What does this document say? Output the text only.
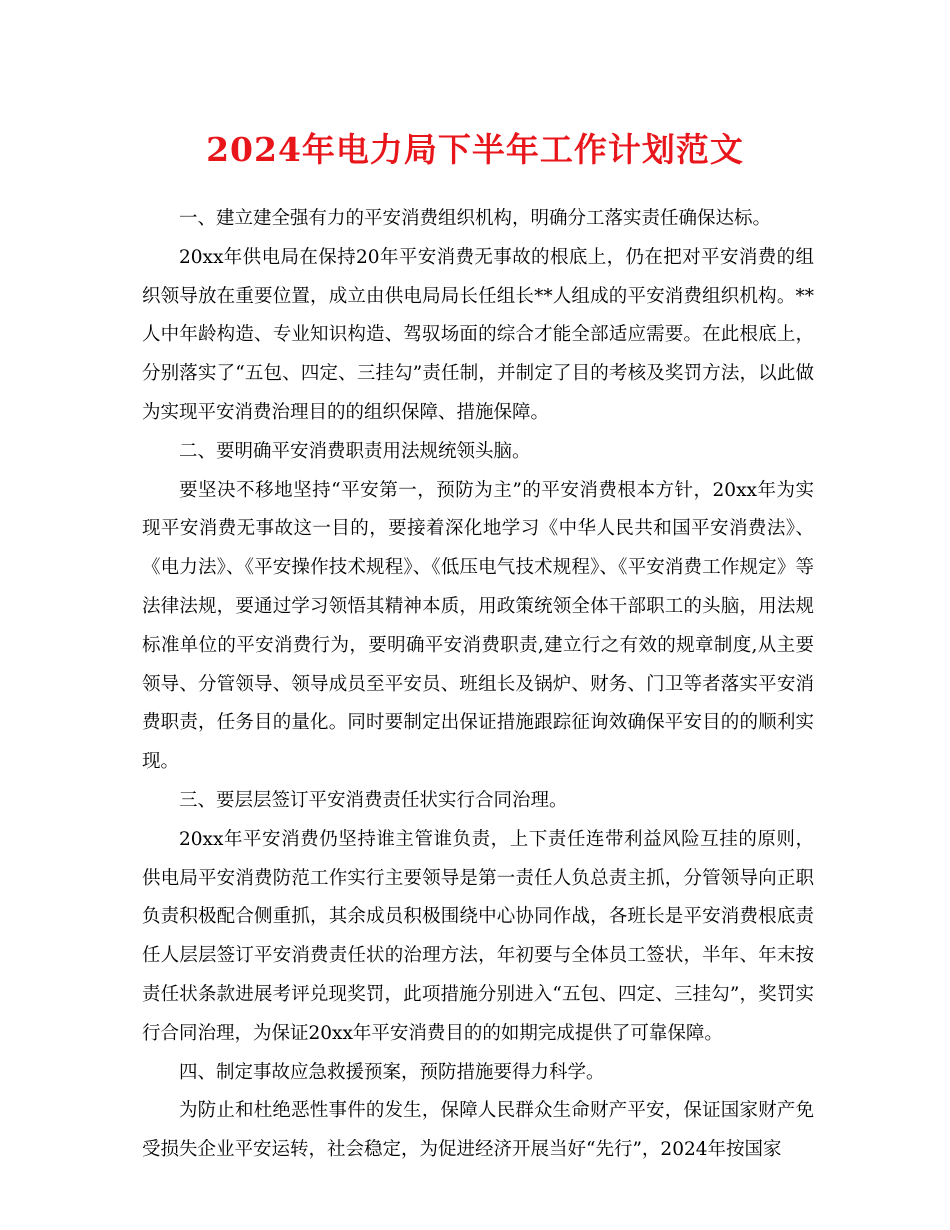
2024年电力局下半年工作计划范文

一、建立建全强有力的平安消费组织机构，明确分工落实责任确保达标。

20xx年供电局在保持20年平安消费无事故的根底上，仍在把对平安消费的组织领导放在重要位置，成立由供电局局长任组长**人组成的平安消费组织机构。**人中年龄构造、专业知识构造、驾驭场面的综合才能全部适应需要。在此根底上，分别落实了“五包、四定、三挂勾”责任制，并制定了目的考核及奖罚方法，以此做为实现平安消费治理目的的组织保障、措施保障。

二、要明确平安消费职责用法规统领头脑。

要坚决不移地坚持“平安第一，预防为主”的平安消费根本方针，20xx年为实现平安消费无事故这一目的，要接着深化地学习《中华人民共和国平安消费法》、《电力法》、《平安操作技术规程》、《低压电气技术规程》、《平安消费工作规定》等法律法规，要通过学习领悟其精神本质，用政策统领全体干部职工的头脑，用法规标准单位的平安消费行为，要明确平安消费职责,建立行之有效的规章制度,从主要领导、分管领导、领导成员至平安员、班组长及锅炉、财务、门卫等者落实平安消费职责，任务目的量化。同时要制定出保证措施跟踪征询效确保平安目的的顺利实现。

三、要层层签订平安消费责任状实行合同治理。

20xx年平安消费仍坚持谁主管谁负责，上下责任连带利益风险互挂的原则，供电局平安消费防范工作实行主要领导是第一责任人负总责主抓，分管领导向正职负责积极配合侧重抓，其余成员积极围绕中心协同作战，各班长是平安消费根底责任人层层签订平安消费责任状的治理方法，年初要与全体员工签状，半年、年末按责任状条款进展考评兑现奖罚，此项措施分别进入“五包、四定、三挂勾”，奖罚实行合同治理，为保证20xx年平安消费目的的如期完成提供了可靠保障。

四、制定事故应急救援预案，预防措施要得力科学。

为防止和杜绝恶性事件的发生，保障人民群众生命财产平安，保证国家财产免受损失企业平安运转，社会稳定，为促进经济开展当好“先行”，2024年按国家
